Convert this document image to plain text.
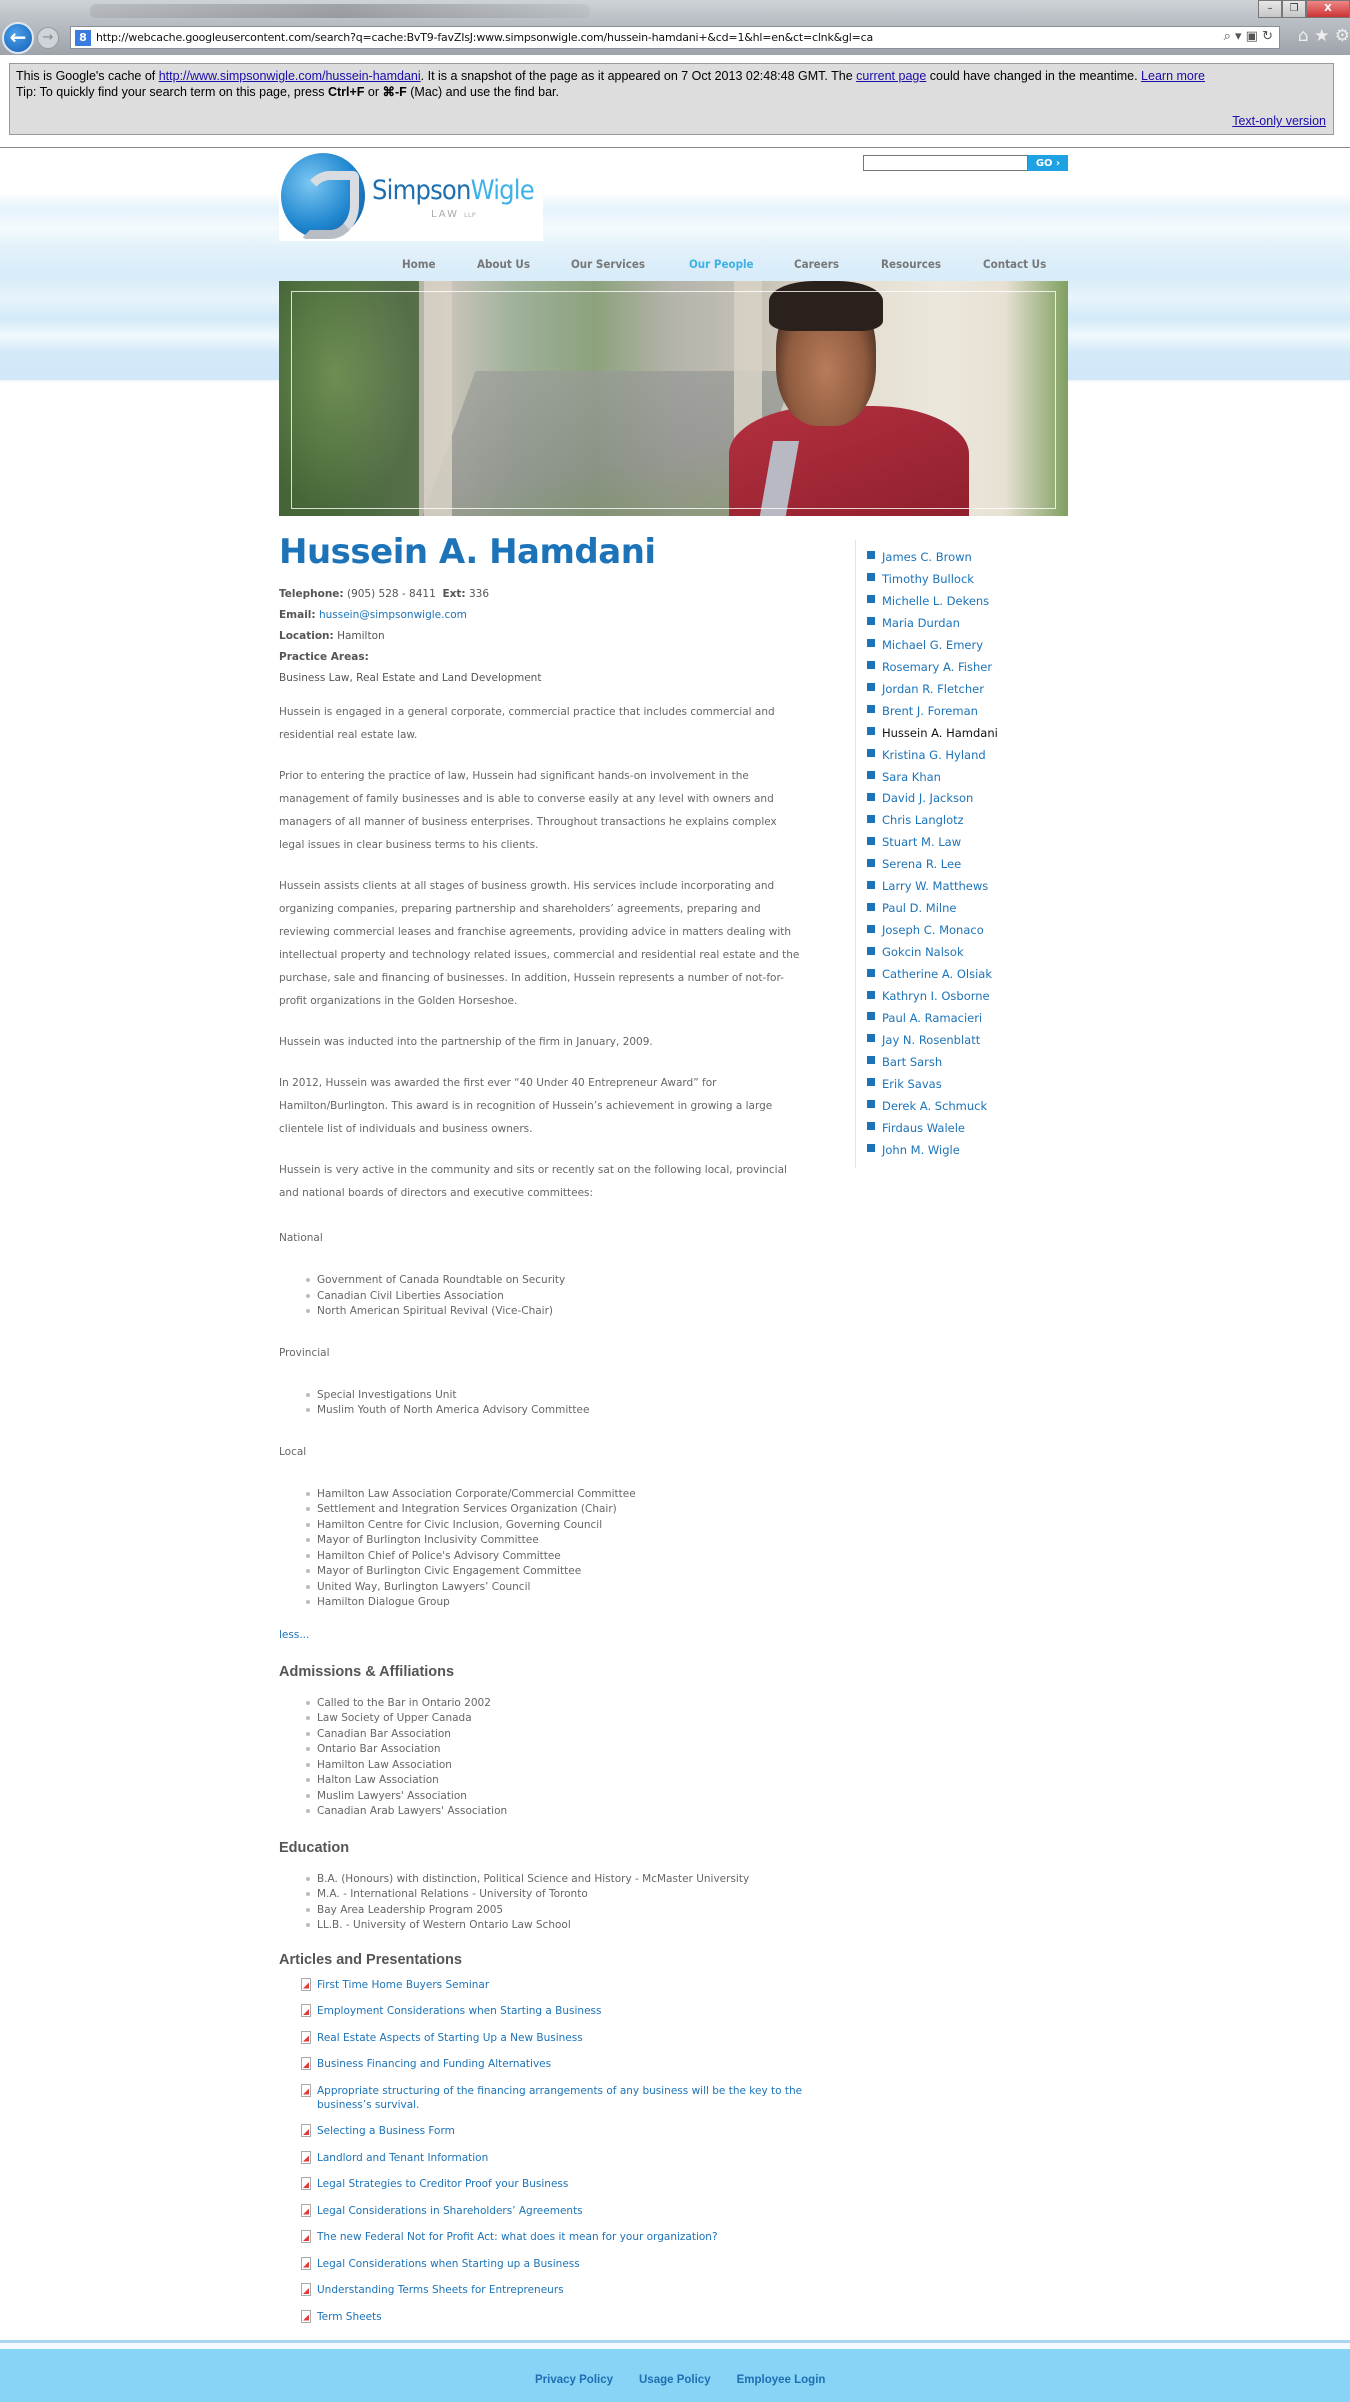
–	❐	X
←	→	8 http://webcache.googleusercontent.com/search?q=cache:BvT9-favZIsJ:www.simpsonwigle.com/hussein-hamdani+&cd=1&hl=en&ct=clnk&gl=ca	⌕ ▾ ▣ ↻ ⌂ ★ ⚙
This is Google's cache of http://www.simpsonwigle.com/hussein-hamdani. It is a snapshot of the page as it appeared on 7 Oct 2013 02:48:48 GMT. The current page could have changed in the meantime. Learn more
Tip: To quickly find your search term on this page, press Ctrl+F or ⌘-F (Mac) and use the find bar.
Text-only version
SimpsonWigle
LAW LLP
GO ›
Home	About Us	Our Services	Our People	Careers	Resources	Contact Us
Hussein A. Hamdani
Telephone: (905) 528 - 8411 Ext: 336
Email: hussein@simpsonwigle.com
Location: Hamilton
Practice Areas:
Business Law, Real Estate and Land Development

Hussein is engaged in a general corporate, commercial practice that includes commercial and residential real estate law.

Prior to entering the practice of law, Hussein had significant hands-on involvement in the management of family businesses and is able to converse easily at any level with owners and managers of all manner of business enterprises. Throughout transactions he explains complex legal issues in clear business terms to his clients.

Hussein assists clients at all stages of business growth. His services include incorporating and organizing companies, preparing partnership and shareholders’ agreements, preparing and reviewing commercial leases and franchise agreements, providing advice in matters dealing with intellectual property and technology related issues, commercial and residential real estate and the purchase, sale and financing of businesses. In addition, Hussein represents a number of not-for-profit organizations in the Golden Horseshoe.

Hussein was inducted into the partnership of the firm in January, 2009.

In 2012, Hussein was awarded the first ever “40 Under 40 Entrepreneur Award” for Hamilton/Burlington. This award is in recognition of Hussein’s achievement in growing a large clientele list of individuals and business owners.

Hussein is very active in the community and sits or recently sat on the following local, provincial and national boards of directors and executive committees:

National
Government of Canada Roundtable on Security
Canadian Civil Liberties Association
North American Spiritual Revival (Vice-Chair)
Provincial
Special Investigations Unit
Muslim Youth of North America Advisory Committee
Local
Hamilton Law Association Corporate/Commercial Committee
Settlement and Integration Services Organization (Chair)
Hamilton Centre for Civic Inclusion, Governing Council
Mayor of Burlington Inclusivity Committee
Hamilton Chief of Police's Advisory Committee
Mayor of Burlington Civic Engagement Committee
United Way, Burlington Lawyers’ Council
Hamilton Dialogue Group
less...
Admissions & Affiliations
Called to the Bar in Ontario 2002
Law Society of Upper Canada
Canadian Bar Association
Ontario Bar Association
Hamilton Law Association
Halton Law Association
Muslim Lawyers' Association
Canadian Arab Lawyers' Association
Education
B.A. (Honours) with distinction, Political Science and History - McMaster University
M.A. - International Relations - University of Toronto
Bay Area Leadership Program 2005
LL.B. - University of Western Ontario Law School
Articles and Presentations
First Time Home Buyers Seminar
Employment Considerations when Starting a Business
Real Estate Aspects of Starting Up a New Business
Business Financing and Funding Alternatives
Appropriate structuring of the financing arrangements of any business will be the key to the business’s survival.
Selecting a Business Form
Landlord and Tenant Information
Legal Strategies to Creditor Proof your Business
Legal Considerations in Shareholders’ Agreements
The new Federal Not for Profit Act: what does it mean for your organization?
Legal Considerations when Starting up a Business
Understanding Terms Sheets for Entrepreneurs
Term Sheets
James C. Brown
Timothy Bullock
Michelle L. Dekens
Maria Durdan
Michael G. Emery
Rosemary A. Fisher
Jordan R. Fletcher
Brent J. Foreman
Hussein A. Hamdani
Kristina G. Hyland
Sara Khan
David J. Jackson
Chris Langlotz
Stuart M. Law
Serena R. Lee
Larry W. Matthews
Paul D. Milne
Joseph C. Monaco
Gokcin Nalsok
Catherine A. Olsiak
Kathryn I. Osborne
Paul A. Ramacieri
Jay N. Rosenblatt
Bart Sarsh
Erik Savas
Derek A. Schmuck
Firdaus Walele
John M. Wigle
Privacy Policy Usage Policy Employee Login
